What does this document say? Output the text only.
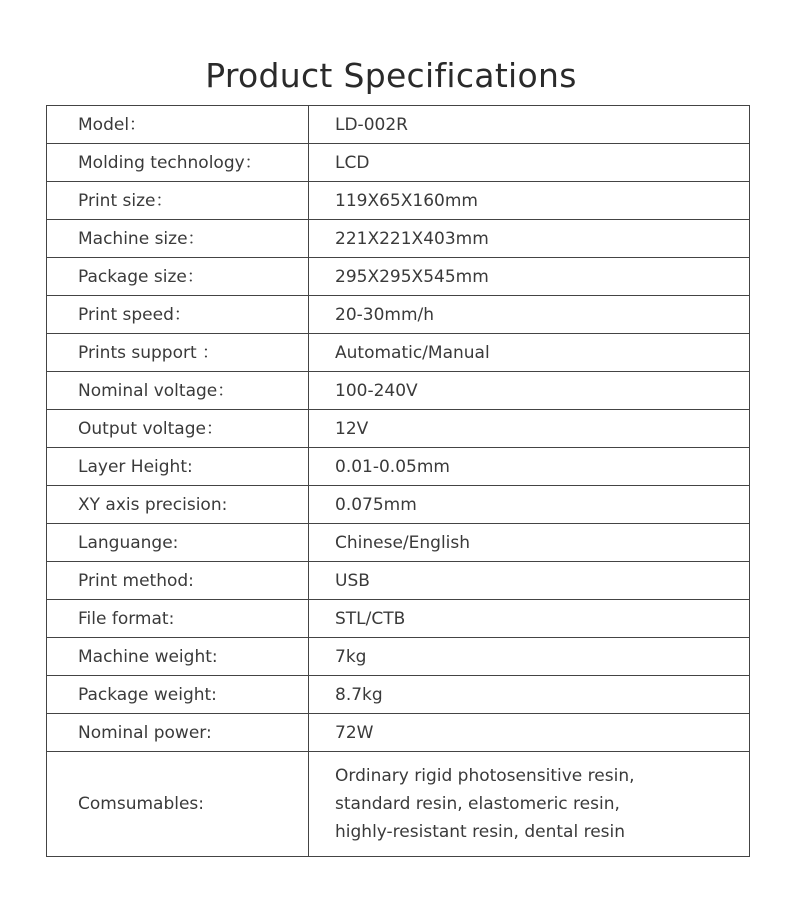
Product Specifications
Model：	LD-002R
Molding technology：	LCD
Print size：	119X65X160mm
Machine size：	221X221X403mm
Package size：	295X295X545mm
Print speed：	20-30mm/h
Prints support ：	Automatic/Manual
Nominal voltage：	100-240V
Output voltage：	12V
Layer Height:	0.01-0.05mm
XY axis precision:	0.075mm
Languange:	Chinese/English
Print method:	USB
File format:	STL/CTB
Machine weight:	7kg
Package weight:	8.7kg
Nominal power:	72W
Comsumables:	Ordinary rigid photosensitive resin,
standard resin, elastomeric resin,
highly-resistant resin, dental resin
